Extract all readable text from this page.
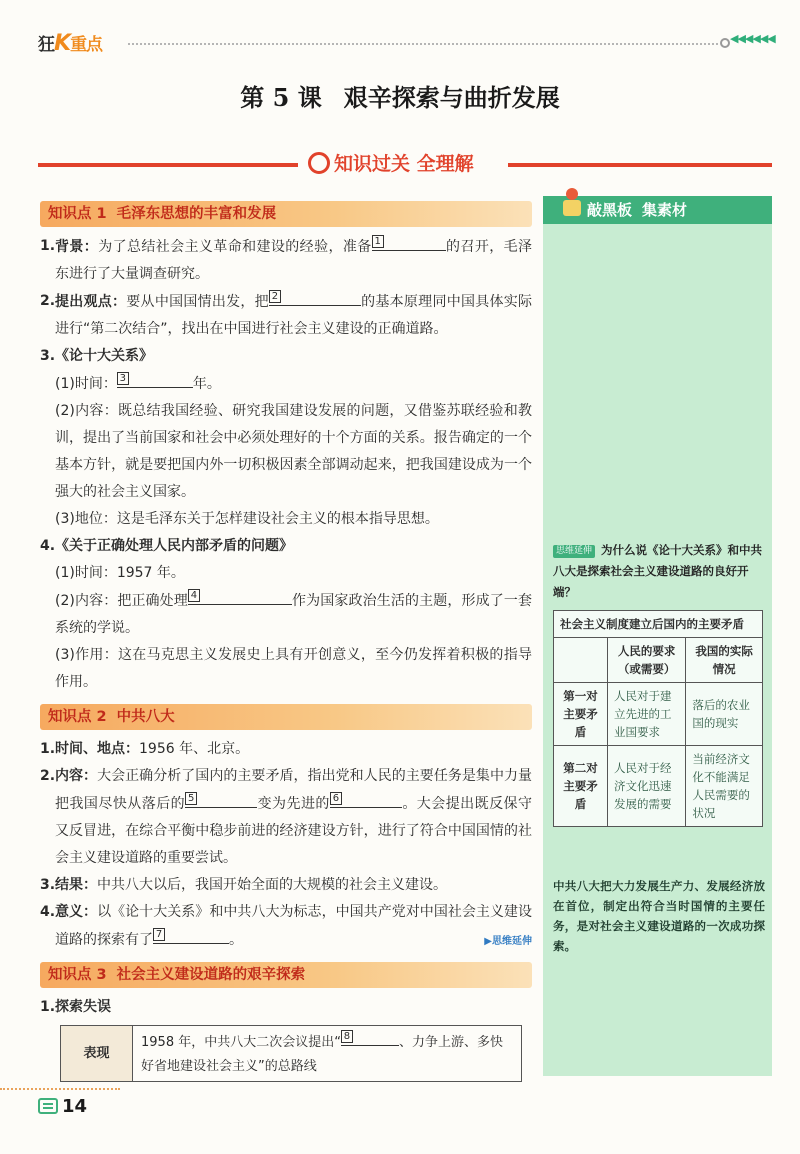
狂K重点	◀◀◀◀◀◀
第 5 课 艰辛探索与曲折发展
知识过关 全理解
知识点 1 毛泽东思想的丰富和发展
1. 背景：为了总结社会主义革命和建设的经验，准备 1	的召开，毛泽东进行了大量调查研究。
2. 提出观点：要从中国国情出发，把 2	的基本原理同中国具体实际进行“第二次结合”，找出在中国进行社会主义建设的正确道路。
3. 《论十大关系》
(1)时间： 3	年。
(2)内容：既总结我国经验、研究我国建设发展的问题，又借鉴苏联经验和教训，提出了当前国家和社会中必须处理好的十个方面的关系。报告确定的一个基本方针，就是要把国内外一切积极因素全部调动起来，把我国建设成为一个强大的社会主义国家。
(3)地位：这是毛泽东关于怎样建设社会主义的根本指导思想。
4. 《关于正确处理人民内部矛盾的问题》
(1)时间：1957 年。
(2)内容：把正确处理 4	作为国家政治生活的主题，形成了一套系统的学说。
(3)作用：这在马克思主义发展史上具有开创意义，至今仍发挥着积极的指导作用。
知识点 2 中共八大
1. 时间、地点：1956 年、北京。
2. 内容：大会正确分析了国内的主要矛盾，指出党和人民的主要任务是集中力量把我国尽快从落后的 5	变为先进的 6	。大会提出既反保守又反冒进，在综合平衡中稳步前进的经济建设方针，进行了符合中国国情的社会主义建设道路的重要尝试。
3. 结果：中共八大以后，我国开始全面的大规模的社会主义建设。
4. 意义：以《论十大关系》和中共八大为标志，中国共产党对中国社会主义建设道路的探索有了 7	。	▶思维延伸
知识点 3 社会主义建设道路的艰辛探索
1. 探索失误
表现	1958 年，中共八大二次会议提出“ 8	、力争上游、多快好省地建设社会主义”的总路线
敲黑板 集素材
思维延伸 为什么说《论十大关系》和中共八大是探索社会主义建设道路的良好开端？
社会主义制度建立后国内的主要矛盾		
	人民的要求（或需要）	我国的实际情况
第一对主要矛盾	人民对于建立先进的工业国要求	落后的农业国的现实
第二对主要矛盾	人民对于经济文化迅速发展的需要	当前经济文化不能满足人民需要的状况
中共八大把大力发展生产力、发展经济放在首位，制定出符合当时国情的主要任务，是对社会主义建设道路的一次成功探索。
14
